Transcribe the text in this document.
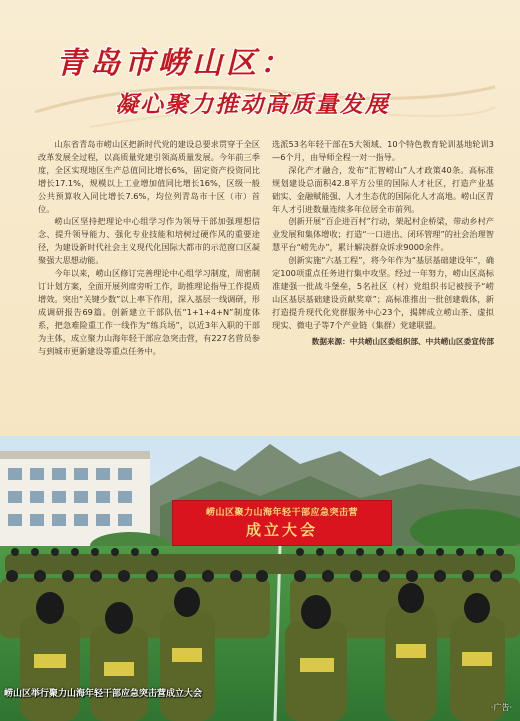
青岛市崂山区：
凝心聚力推动高质量发展

山东省青岛市崂山区把新时代党的建设总要求贯穿于全区改革发展全过程，以高质量党建引领高质量发展。今年前三季度，全区实现地区生产总值同比增长6%，固定资产投资同比增长17.1%，规模以上工业增加值同比增长16%，区级一般公共预算收入同比增长7.6%，均位列青岛市十区（市）首位。

崂山区坚持把理论中心组学习作为领导干部加强理想信念、提升领导能力、强化专业技能和培树过硬作风的重要途径，为建设新时代社会主义现代化国际大都市的示范窗口区凝聚强大思想动能。

今年以来，崂山区修订完善理论中心组学习制度，周密制订计划方案，全面开展列席旁听工作，助推理论指导工作提质增效。突出“关键少数”以上率下作用，深入基层一线调研，形成调研报告69篇。创新建立干部队伍“1+1+4+N”制度体系，把急难险重工作一线作为“练兵场”，以近3年入职的干部为主体，成立聚力山海年轻干部应急突击营，有227名营员参与到城市更新建设等重点任务中。

选派53名年轻干部在5大领域、10个特色教育轮训基地轮训3—6个月，由导师全程一对一指导。

深化产才融合，发布“汇智崂山”人才政策40条。高标准规划建设总面积42.8平方公里的国际人才社区，打造产业基础实、金融赋能强、人才生态优的国际化人才高地。崂山区青年人才引进数量连续多年位居全市前列。

创新开展“百企进百村”行动，架起村企桥梁，带动乡村产业发展和集体增收；打造“一口进出、闭环管理”的社会治理智慧平台“崂先办”，累计解决群众诉求9000余件。

创新实施“六基工程”，将今年作为“基层基础建设年”，确定100项重点任务进行集中攻坚。经过一年努力，崂山区高标准建强一批战斗堡垒，5名社区（村）党组织书记被授予“崂山区基层基础建设贡献奖章”；高标准推出一批创建载体，新打造提升现代化党群服务中心23个，揭牌成立崂山茶、虚拟现实、微电子等7个产业链（集群）党建联盟。

数据来源：中共崂山区委组织部、中共崂山区委宣传部
崂山区聚力山海年轻干部应急突击营
成立大会
崂山区举行聚力山海年轻干部应急突击营成立大会
·广告·
